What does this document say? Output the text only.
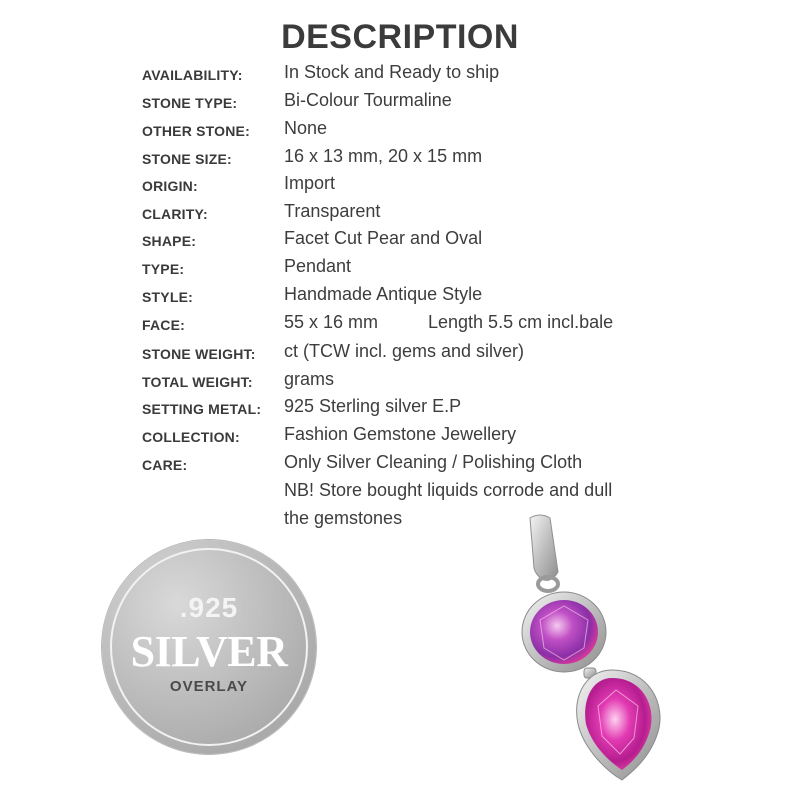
DESCRIPTION
AVAILABILITY: In Stock and Ready to ship
STONE TYPE:	Bi-Colour Tourmaline
OTHER STONE: None
STONE SIZE:	16 x 13 mm, 20 x 15 mm
ORIGIN:	Import
CLARITY:	Transparent
SHAPE:	Facet Cut Pear and Oval
TYPE:	Pendant
STYLE:	Handmade Antique Style
FACE:	55 x 16 mm	Length 5.5 cm incl.bale
STONE WEIGHT: ct (TCW incl. gems and silver)
TOTAL WEIGHT: grams
SETTING METAL: 925 Sterling silver E.P
COLLECTION: Fashion Gemstone Jewellery
CARE:	Only Silver Cleaning / Polishing Cloth
NB! Store bought liquids corrode and dull
the gemstones
.925
SILVER
OVERLAY
